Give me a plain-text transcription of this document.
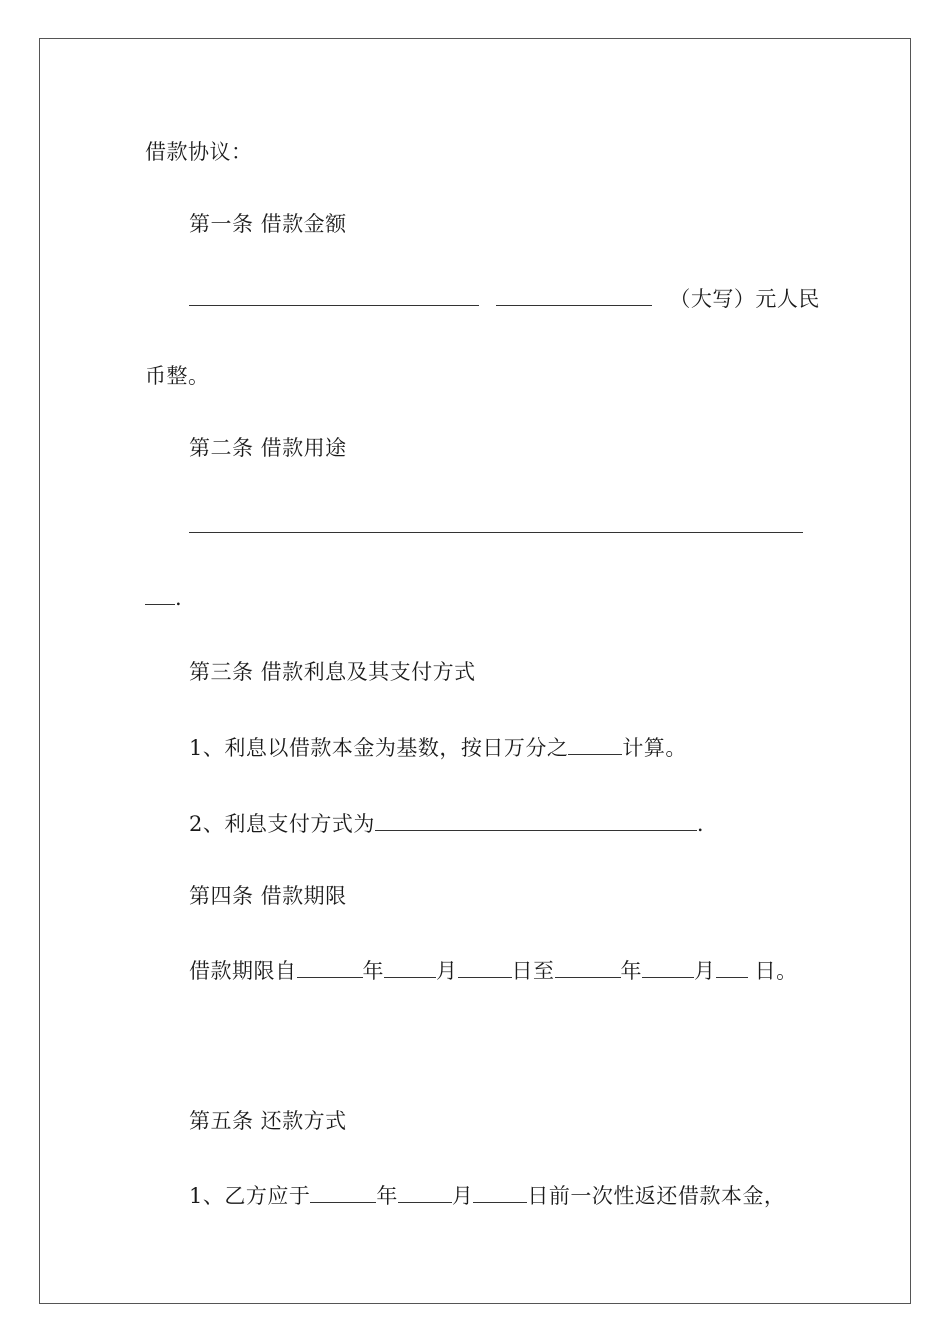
借款协议：
第一条 借款金额
（大写）元人民
币整。
第二条 借款用途
.
第三条 借款利息及其支付方式
1、利息以借款本金为基数，按日万分之	计算。
2、利息支付方式为	.
第四条 借款期限
借款期限自	年 月	日至	年 月 日。
第五条 还款方式
1、乙方应于	年	月	日前一次性返还借款本金，
